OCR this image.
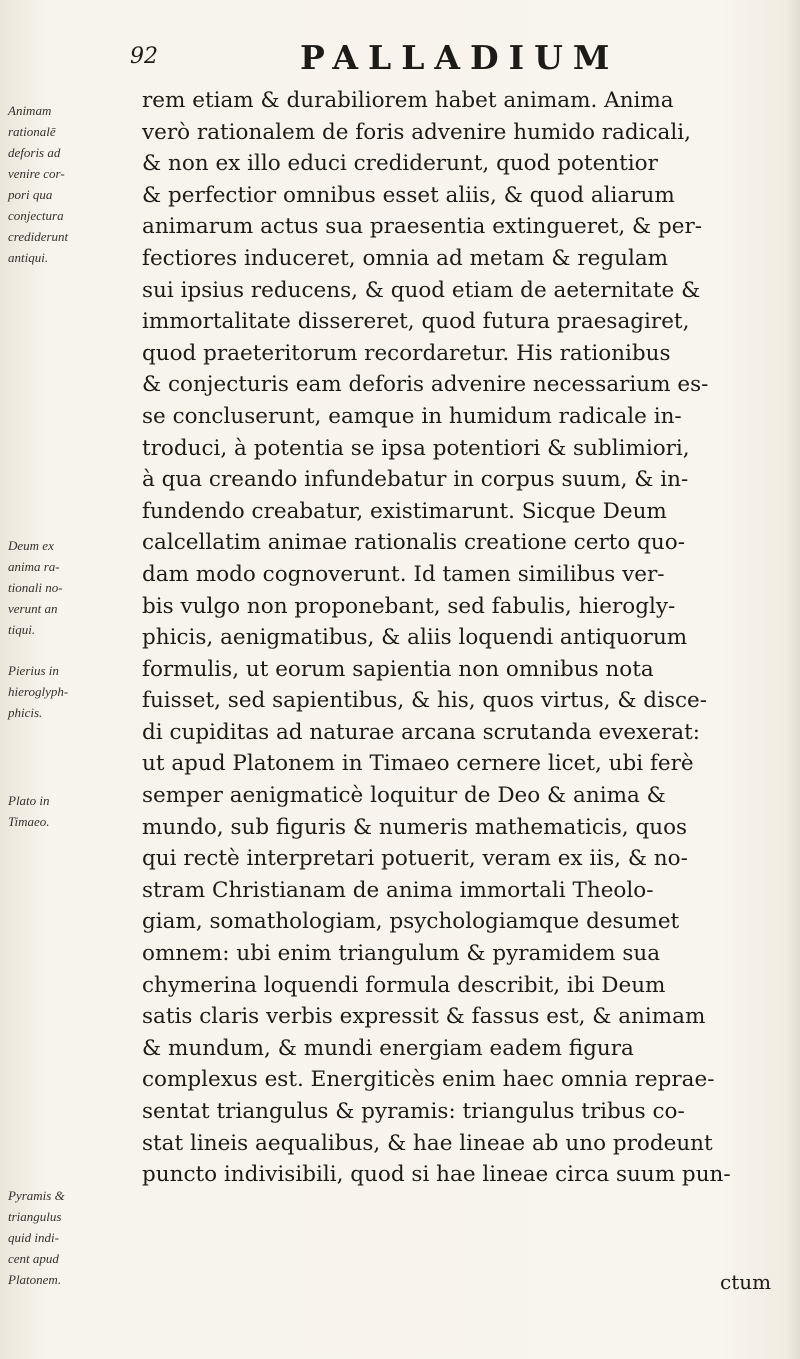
92	PALLADIUM
Animam
rationalē
deforis ad
venire cor-
pori qua
conjectura
crediderunt
antiqui.
Deum ex
anima ra-
tionali no-
verunt an
tiqui.
Pierius in
hieroglyph-
phicis.
Plato in
Timaeo.
Pyramis &
triangulus
quid indi-
cent apud
Platonem.
rem etiam & durabiliorem habet animam. Anima
verò rationalem de foris advenire humido radicali,
& non ex illo educi crediderunt, quod potentior
& perfectior omnibus esset aliis, & quod aliarum
animarum actus sua praesentia extingueret, & per-
fectiores induceret, omnia ad metam & regulam
sui ipsius reducens, & quod etiam de aeternitate &
immortalitate dissereret, quod futura praesagiret,
quod praeteritorum recordaretur. His rationibus
& conjecturis eam deforis advenire necessarium es-
se concluserunt, eamque in humidum radicale in-
troduci, à potentia se ipsa potentiori & sublimiori,
à qua creando infundebatur in corpus suum, & in-
fundendo creabatur, existimarunt. Sicque Deum
calcellatim animae rationalis creatione certo quo-
dam modo cognoverunt. Id tamen similibus ver-
bis vulgo non proponebant, sed fabulis, hierogly-
phicis, aenigmatibus, & aliis loquendi antiquorum
formulis, ut eorum sapientia non omnibus nota
fuisset, sed sapientibus, & his, quos virtus, & disce-
di cupiditas ad naturae arcana scrutanda evexerat:
ut apud Platonem in Timaeo cernere licet, ubi ferè
semper aenigmaticè loquitur de Deo & anima &
mundo, sub figuris & numeris mathematicis, quos
qui rectè interpretari potuerit, veram ex iis, & no-
stram Christianam de anima immortali Theolo-
giam, somathologiam, psychologiamque desumet
omnem: ubi enim triangulum & pyramidem sua
chymerina loquendi formula describit, ibi Deum
satis claris verbis expressit & fassus est, & animam
& mundum, & mundi energiam eadem figura
complexus est. Energiticès enim haec omnia reprae-
sentat triangulus & pyramis: triangulus tribus co-
stat lineis aequalibus, & hae lineae ab uno prodeunt
puncto indivisibili, quod si hae lineae circa suum pun-
ctum
